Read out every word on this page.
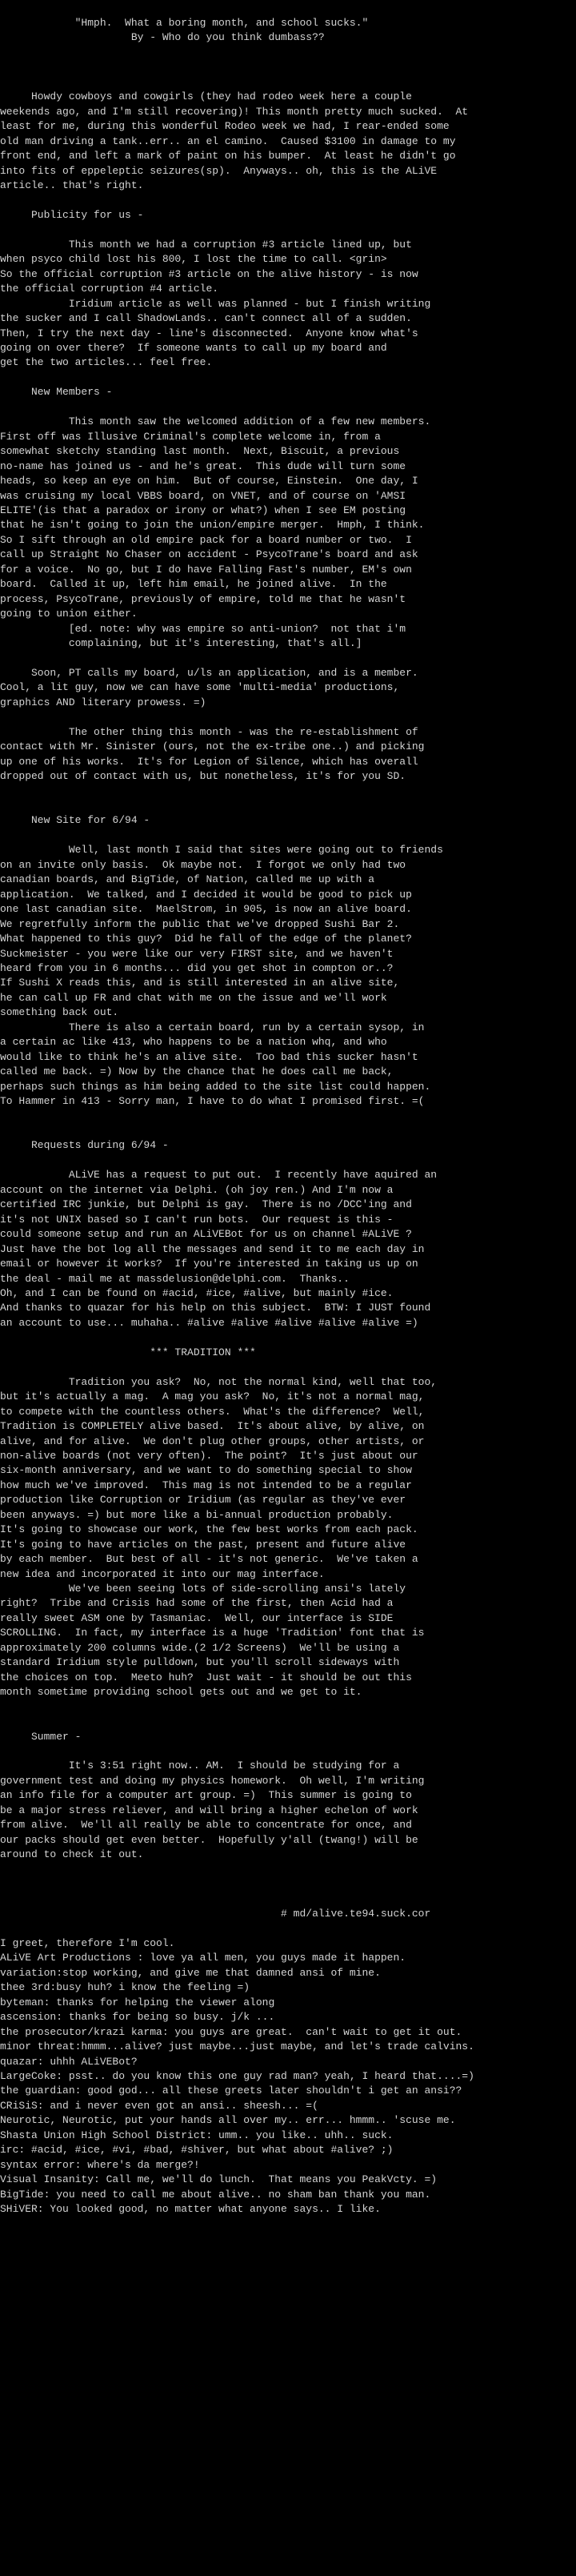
"Hmph.  What a boring month, and school sucks."
By - Who do you think dumbass??
Howdy cowboys and cowgirls (they had rodeo week here a couple
weekends ago, and I'm still recovering)! This month pretty much sucked.  At
least for me, during this wonderful Rodeo week we had, I rear-ended some
old man driving a tank..err.. an el camino.  Caused $3100 in damage to my
front end, and left a mark of paint on his bumper.  At least he didn't go
into fits of eppeleptic seizures(sp).  Anyways.. oh, this is the ALiVE
article.. that's right.
Publicity for us -
This month we had a corruption #3 article lined up, but
when psyco child lost his 800, I lost the time to call. <grin>
So the official corruption #3 article on the alive history - is now
the official corruption #4 article.
Iridium article as well was planned - but I finish writing
the sucker and I call ShadowLands.. can't connect all of a sudden.
Then, I try the next day - line's disconnected.  Anyone know what's
going on over there?  If someone wants to call up my board and
get the two articles... feel free.
New Members -
This month saw the welcomed addition of a few new members.
First off was Illusive Criminal's complete welcome in, from a
somewhat sketchy standing last month.  Next, Biscuit, a previous
no-name has joined us - and he's great.  This dude will turn some
heads, so keep an eye on him.  But of course, Einstein.  One day, I
was cruising my local VBBS board, on VNET, and of course on 'AMSI
ELITE'(is that a paradox or irony or what?) when I see EM posting
that he isn't going to join the union/empire merger.  Hmph, I think.
So I sift through an old empire pack for a board number or two.  I
call up Straight No Chaser on accident - PsycoTrane's board and ask
for a voice.  No go, but I do have Falling Fast's number, EM's own
board.  Called it up, left him email, he joined alive.  In the
process, PsycoTrane, previously of empire, told me that he wasn't
going to union either.
[ed. note: why was empire so anti-union?  not that i'm
complaining, but it's interesting, that's all.]
Soon, PT calls my board, u/ls an application, and is a member.
Cool, a lit guy, now we can have some 'multi-media' productions,
graphics AND literary prowess. =)
The other thing this month - was the re-establishment of
contact with Mr. Sinister (ours, not the ex-tribe one..) and picking
up one of his works.  It's for Legion of Silence, which has overall
dropped out of contact with us, but nonetheless, it's for you SD.
New Site for 6/94 -
Well, last month I said that sites were going out to friends
on an invite only basis.  Ok maybe not.  I forgot we only had two
canadian boards, and BigTide, of Nation, called me up with a
application.  We talked, and I decided it would be good to pick up
one last canadian site.  MaelStrom, in 905, is now an alive board.
We regretfully inform the public that we've dropped Sushi Bar 2.
What happened to this guy?  Did he fall of the edge of the planet?
Suckmeister - you were like our very FIRST site, and we haven't
heard from you in 6 months... did you get shot in compton or..?
If Sushi X reads this, and is still interested in an alive site,
he can call up FR and chat with me on the issue and we'll work
something back out.
There is also a certain board, run by a certain sysop, in
a certain ac like 413, who happens to be a nation whq, and who
would like to think he's an alive site.  Too bad this sucker hasn't
called me back. =) Now by the chance that he does call me back,
perhaps such things as him being added to the site list could happen.
To Hammer in 413 - Sorry man, I have to do what I promised first. =(
Requests during 6/94 -
ALiVE has a request to put out.  I recently have aquired an
account on the internet via Delphi. (oh joy ren.) And I'm now a
certified IRC junkie, but Delphi is gay.  There is no /DCC'ing and
it's not UNIX based so I can't run bots.  Our request is this -
could someone setup and run an ALiVEBot for us on channel #ALiVE ?
Just have the bot log all the messages and send it to me each day in
email or however it works?  If you're interested in taking us up on
the deal - mail me at massdelusion@delphi.com.  Thanks..
Oh, and I can be found on #acid, #ice, #alive, but mainly #ice.
And thanks to quazar for his help on this subject.  BTW: I JUST found
an account to use... muhaha.. #alive #alive #alive #alive #alive =)
*** TRADITION ***
Tradition you ask?  No, not the normal kind, well that too,
but it's actually a mag.  A mag you ask?  No, it's not a normal mag,
to compete with the countless others.  What's the difference?  Well,
Tradition is COMPLETELY alive based.  It's about alive, by alive, on
alive, and for alive.  We don't plug other groups, other artists, or
non-alive boards (not very often).  The point?  It's just about our
six-month anniversary, and we want to do something special to show
how much we've improved.  This mag is not intended to be a regular
production like Corruption or Iridium (as regular as they've ever
been anyways. =) but more like a bi-annual production probably.
It's going to showcase our work, the few best works from each pack.
It's going to have articles on the past, present and future alive
by each member.  But best of all - it's not generic.  We've taken a
new idea and incorporated it into our mag interface.
We've been seeing lots of side-scrolling ansi's lately
right?  Tribe and Crisis had some of the first, then Acid had a
really sweet ASM one by Tasmaniac.  Well, our interface is SIDE
SCROLLING.  In fact, my interface is a huge 'Tradition' font that is
approximately 200 columns wide.(2 1/2 Screens)  We'll be using a
standard Iridium style pulldown, but you'll scroll sideways with
the choices on top.  Meeto huh?  Just wait - it should be out this
month sometime providing school gets out and we get to it.
Summer -
It's 3:51 right now.. AM.  I should be studying for a
government test and doing my physics homework.  Oh well, I'm writing
an info file for a computer art group. =)  This summer is going to
be a major stress reliever, and will bring a higher echelon of work
from alive.  We'll all really be able to concentrate for once, and
our packs should get even better.  Hopefully y'all (twang!) will be
around to check it out.
# md/alive.te94.suck.cor
I greet, therefore I'm cool.
ALiVE Art Productions : love ya all men, you guys made it happen.
variation:stop working, and give me that damned ansi of mine.
thee 3rd:busy huh? i know the feeling =)
byteman: thanks for helping the viewer along
ascension: thanks for being so busy. j/k ...
the prosecutor/krazi karma: you guys are great.  can't wait to get it out.
minor threat:hmmm...alive? just maybe...just maybe, and let's trade calvins.
quazar: uhhh ALiVEBot?
LargeCoke: psst.. do you know this one guy rad man? yeah, I heard that....=)
the guardian: good god... all these greets later shouldn't i get an ansi??
CRiSiS: and i never even got an ansi.. sheesh... =(
Neurotic, Neurotic, put your hands all over my.. err... hmmm.. 'scuse me.
Shasta Union High School District: umm.. you like.. uhh.. suck.
irc: #acid, #ice, #vi, #bad, #shiver, but what about #alive? ;)
syntax error: where's da merge?!
Visual Insanity: Call me, we'll do lunch.  That means you PeakVcty. =)
BigTide: you need to call me about alive.. no sham ban thank you man.
SHiVER: You looked good, no matter what anyone says.. I like.
